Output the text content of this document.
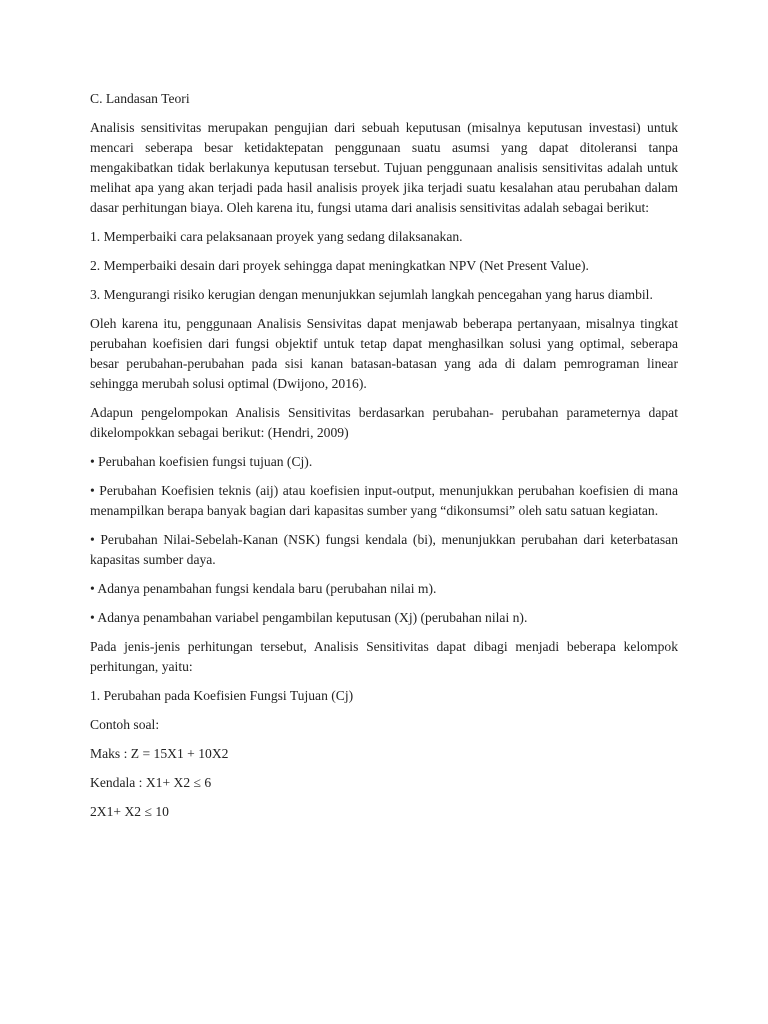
C. Landasan Teori

Analisis sensitivitas merupakan pengujian dari sebuah keputusan (misalnya keputusan investasi) untuk mencari seberapa besar ketidaktepatan penggunaan suatu asumsi yang dapat ditoleransi tanpa mengakibatkan tidak berlakunya keputusan tersebut. Tujuan penggunaan analisis sensitivitas adalah untuk melihat apa yang akan terjadi pada hasil analisis proyek jika terjadi suatu kesalahan atau perubahan dalam dasar perhitungan biaya. Oleh karena itu, fungsi utama dari analisis sensitivitas adalah sebagai berikut:

1. Memperbaiki cara pelaksanaan proyek yang sedang dilaksanakan.

2. Memperbaiki desain dari proyek sehingga dapat meningkatkan NPV (Net Present Value).

3. Mengurangi risiko kerugian dengan menunjukkan sejumlah langkah pencegahan yang harus diambil.

Oleh karena itu, penggunaan Analisis Sensivitas dapat menjawab beberapa pertanyaan, misalnya tingkat perubahan koefisien dari fungsi objektif untuk tetap dapat menghasilkan solusi yang optimal, seberapa besar perubahan-perubahan pada sisi kanan batasan-batasan yang ada di dalam pemrograman linear sehingga merubah solusi optimal (Dwijono, 2016).

Adapun pengelompokan Analisis Sensitivitas berdasarkan perubahan- perubahan parameternya dapat dikelompokkan sebagai berikut: (Hendri, 2009)

• Perubahan koefisien fungsi tujuan (Cj).

• Perubahan Koefisien teknis (aij) atau koefisien input-output, menunjukkan perubahan koefisien di mana menampilkan berapa banyak bagian dari kapasitas sumber yang “dikonsumsi” oleh satu satuan kegiatan.

• Perubahan Nilai-Sebelah-Kanan (NSK) fungsi kendala (bi), menunjukkan perubahan dari keterbatasan kapasitas sumber daya.

• Adanya penambahan fungsi kendala baru (perubahan nilai m).

• Adanya penambahan variabel pengambilan keputusan (Xj) (perubahan nilai n).

Pada jenis-jenis perhitungan tersebut, Analisis Sensitivitas dapat dibagi menjadi beberapa kelompok perhitungan, yaitu:

1. Perubahan pada Koefisien Fungsi Tujuan (Cj)

Contoh soal:

Maks : Z = 15X1 + 10X2

Kendala : X1+ X2 ≤ 6

2X1+ X2 ≤ 10
